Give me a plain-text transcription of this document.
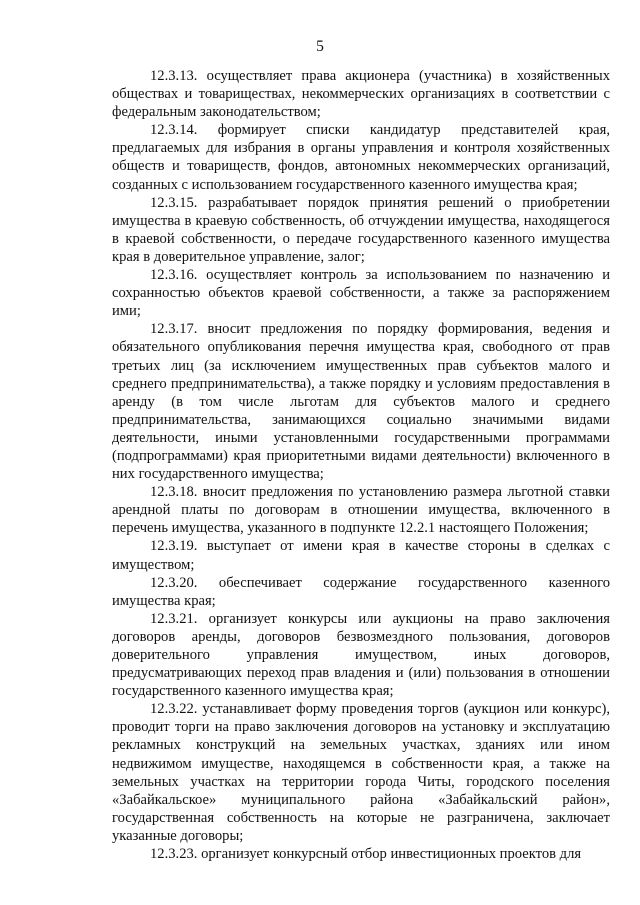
5

12.3.13. осуществляет права акционера (участника) в хозяйственных обществах и товариществах, некоммерческих организациях в соответствии с федеральным законодательством;

12.3.14. формирует списки кандидатур представителей края, предлагаемых для избрания в органы управления и контроля хозяйственных обществ и товариществ, фондов, автономных некоммерческих организаций, созданных с использованием государственного казенного имущества края;

12.3.15. разрабатывает порядок принятия решений о приобретении имущества в краевую собственность, об отчуждении имущества, находящегося в краевой собственности, о передаче государственного казенного имущества края в доверительное управление, залог;

12.3.16. осуществляет контроль за использованием по назначению и сохранностью объектов краевой собственности, а также за распоряжением ими;

12.3.17. вносит предложения по порядку формирования, ведения и обязательного опубликования перечня имущества края, свободного от прав третьих лиц (за исключением имущественных прав субъектов малого и среднего предпринимательства), а также порядку и условиям предоставления в аренду (в том числе льготам для субъектов малого и среднего предпринимательства, занимающихся социально значимыми видами деятельности, иными установленными государственными программами (подпрограммами) края приоритетными видами деятельности) включенного в них государственного имущества;

12.3.18. вносит предложения по установлению размера льготной ставки арендной платы по договорам в отношении имущества, включенного в перечень имущества, указанного в подпункте 12.2.1 настоящего Положения;

12.3.19. выступает от имени края в качестве стороны в сделках с имуществом;

12.3.20. обеспечивает содержание государственного казенного имущества края;

12.3.21. организует конкурсы или аукционы на право заключения договоров аренды, договоров безвозмездного пользования, договоров доверительного управления имуществом, иных договоров, предусматривающих переход прав владения и (или) пользования в отношении государственного казенного имущества края;

12.3.22. устанавливает форму проведения торгов (аукцион или конкурс), проводит торги на право заключения договоров на установку и эксплуатацию рекламных конструкций на земельных участках, зданиях или ином недвижимом имуществе, находящемся в собственности края, а также на земельных участках на территории города Читы, городского поселения «Забайкальское» муниципального района «Забайкальский район», государственная собственность на которые не разграничена, заключает указанные договоры;

12.3.23. организует конкурсный отбор инвестиционных проектов для
